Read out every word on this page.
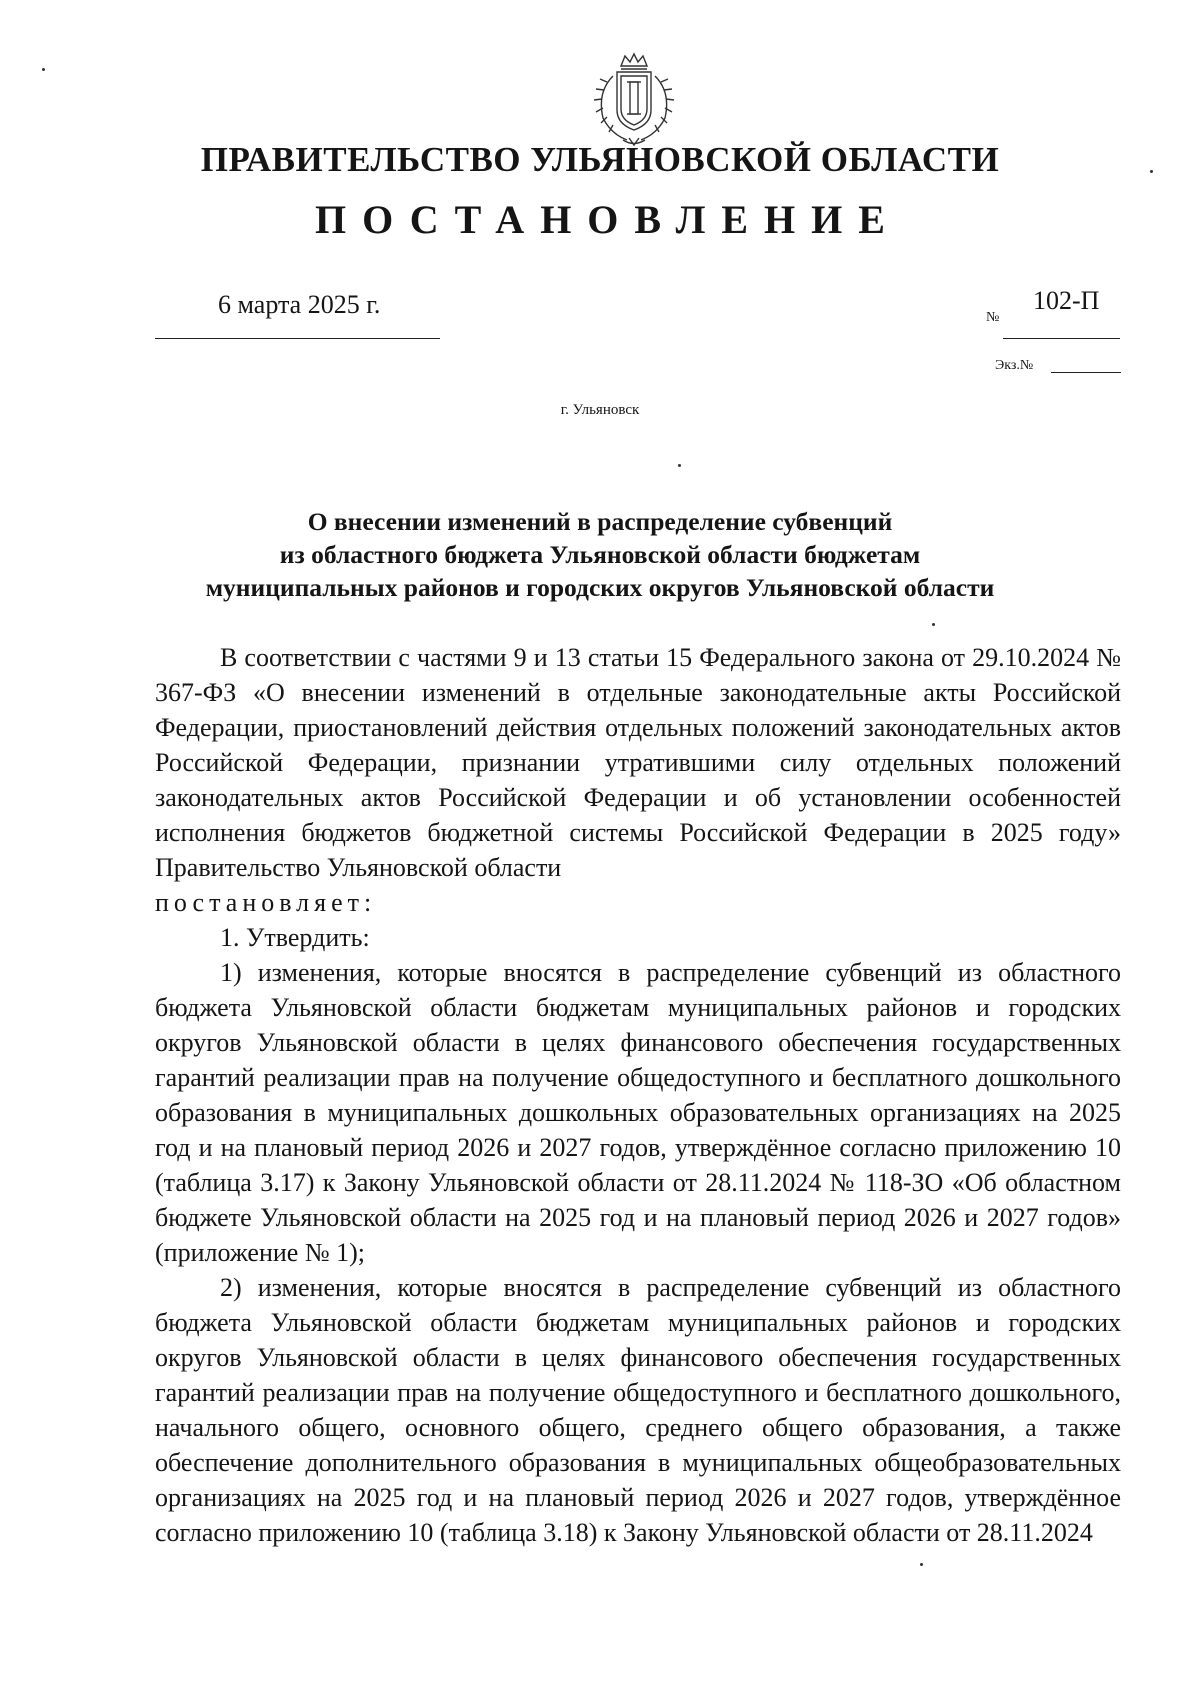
ПРАВИТЕЛЬСТВО УЛЬЯНОВСКОЙ ОБЛАСТИ
ПОСТАНОВЛЕНИЕ
6 марта 2025 г.	№
102-П
Экз.№
г. Ульяновск
О внесении изменений в распределение субвенций
из областного бюджета Ульяновской области бюджетам
муниципальных районов и городских округов Ульяновской области

В соответствии с частями 9 и 13 статьи 15 Федерального закона от 29.10.2024 № 367-ФЗ «О внесении изменений в отдельные законодательные акты Российской Федерации, приостановлений действия отдельных положений законодательных актов Российской Федерации, признании утратившими силу отдельных положений законодательных актов Российской Федерации и об установлении особенностей исполнения бюджетов бюджетной системы Российской Федерации в 2025 году» Правительство Ульяновской области

постановляет:

1. Утвердить:

1) изменения, которые вносятся в распределение субвенций из областного бюджета Ульяновской области бюджетам муниципальных районов и городских округов Ульяновской области в целях финансового обеспечения государственных гарантий реализации прав на получение общедоступного и бесплатного дошкольного образования в муниципальных дошкольных образовательных организациях на 2025 год и на плановый период 2026 и 2027 годов, утверждённое согласно приложению 10 (таблица 3.17) к Закону Ульяновской области от 28.11.2024 № 118-ЗО «Об областном бюджете Ульяновской области на 2025 год и на плановый период 2026 и 2027 годов» (приложение № 1);

2) изменения, которые вносятся в распределение субвенций из областного бюджета Ульяновской области бюджетам муниципальных районов и городских округов Ульяновской области в целях финансового обеспечения государственных гарантий реализации прав на получение общедоступного и бесплатного дошкольного, начального общего, основного общего, среднего общего образования, а также обеспечение дополнительного образования в муниципальных общеобразовательных организациях на 2025 год и на плановый период 2026 и 2027 годов, утверждённое согласно приложению 10 (таблица 3.18) к Закону Ульяновской области от 28.11.2024
